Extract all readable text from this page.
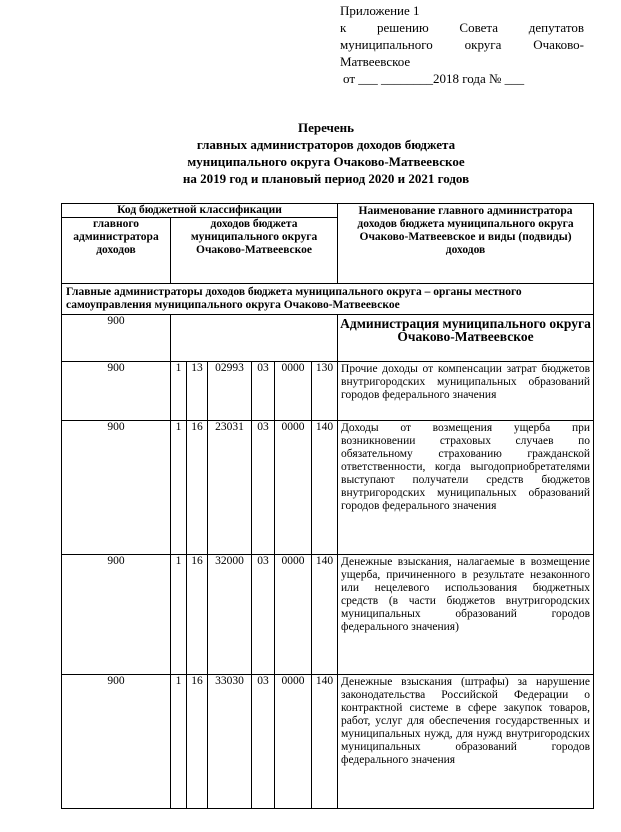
Приложение 1
к решению Совета депутатов
муниципального округа Очаково-
Матвеевское
от ___ ________2018 года № ___
Перечень
главных администраторов доходов бюджета
муниципального округа Очаково-Матвеевское
на 2019 год и плановый период 2020 и 2021 годов
Код бюджетной классификации							Наименование главного администратора доходов бюджета муниципального округа Очаково-Матвеевское и виды (подвиды) доходов
главного администратора доходов	доходов бюджета муниципального округа Очаково-Матвеевское						
Главные администраторы доходов бюджета муниципального округа – органы местного самоуправления муниципального округа Очаково-Матвеевское							
900							Администрация муниципального округа Очаково-Матвеевское
900	1	13	02993	03	0000	130	Прочие доходы от компенсации затрат бюджетов внутригородских муниципальных образований городов федерального значения
900	1	16	23031	03	0000	140	Доходы от возмещения ущерба при возникновении страховых случаев по обязательному страхованию гражданской ответственности, когда выгодоприобретателями выступают получатели средств бюджетов внутригородских муниципальных образований городов федерального значения
900	1	16	32000	03	0000	140	Денежные взыскания, налагаемые в возмещение ущерба, причиненного в результате незаконного или нецелевого использования бюджетных средств (в части бюджетов внутригородских муниципальных образований городов федерального значения)
900	1	16	33030	03	0000	140	Денежные взыскания (штрафы) за нарушение законодательства Российской Федерации о контрактной системе в сфере закупок товаров, работ, услуг для обеспечения государственных и муниципальных нужд, для нужд внутригородских муниципальных образований городов федерального значения
